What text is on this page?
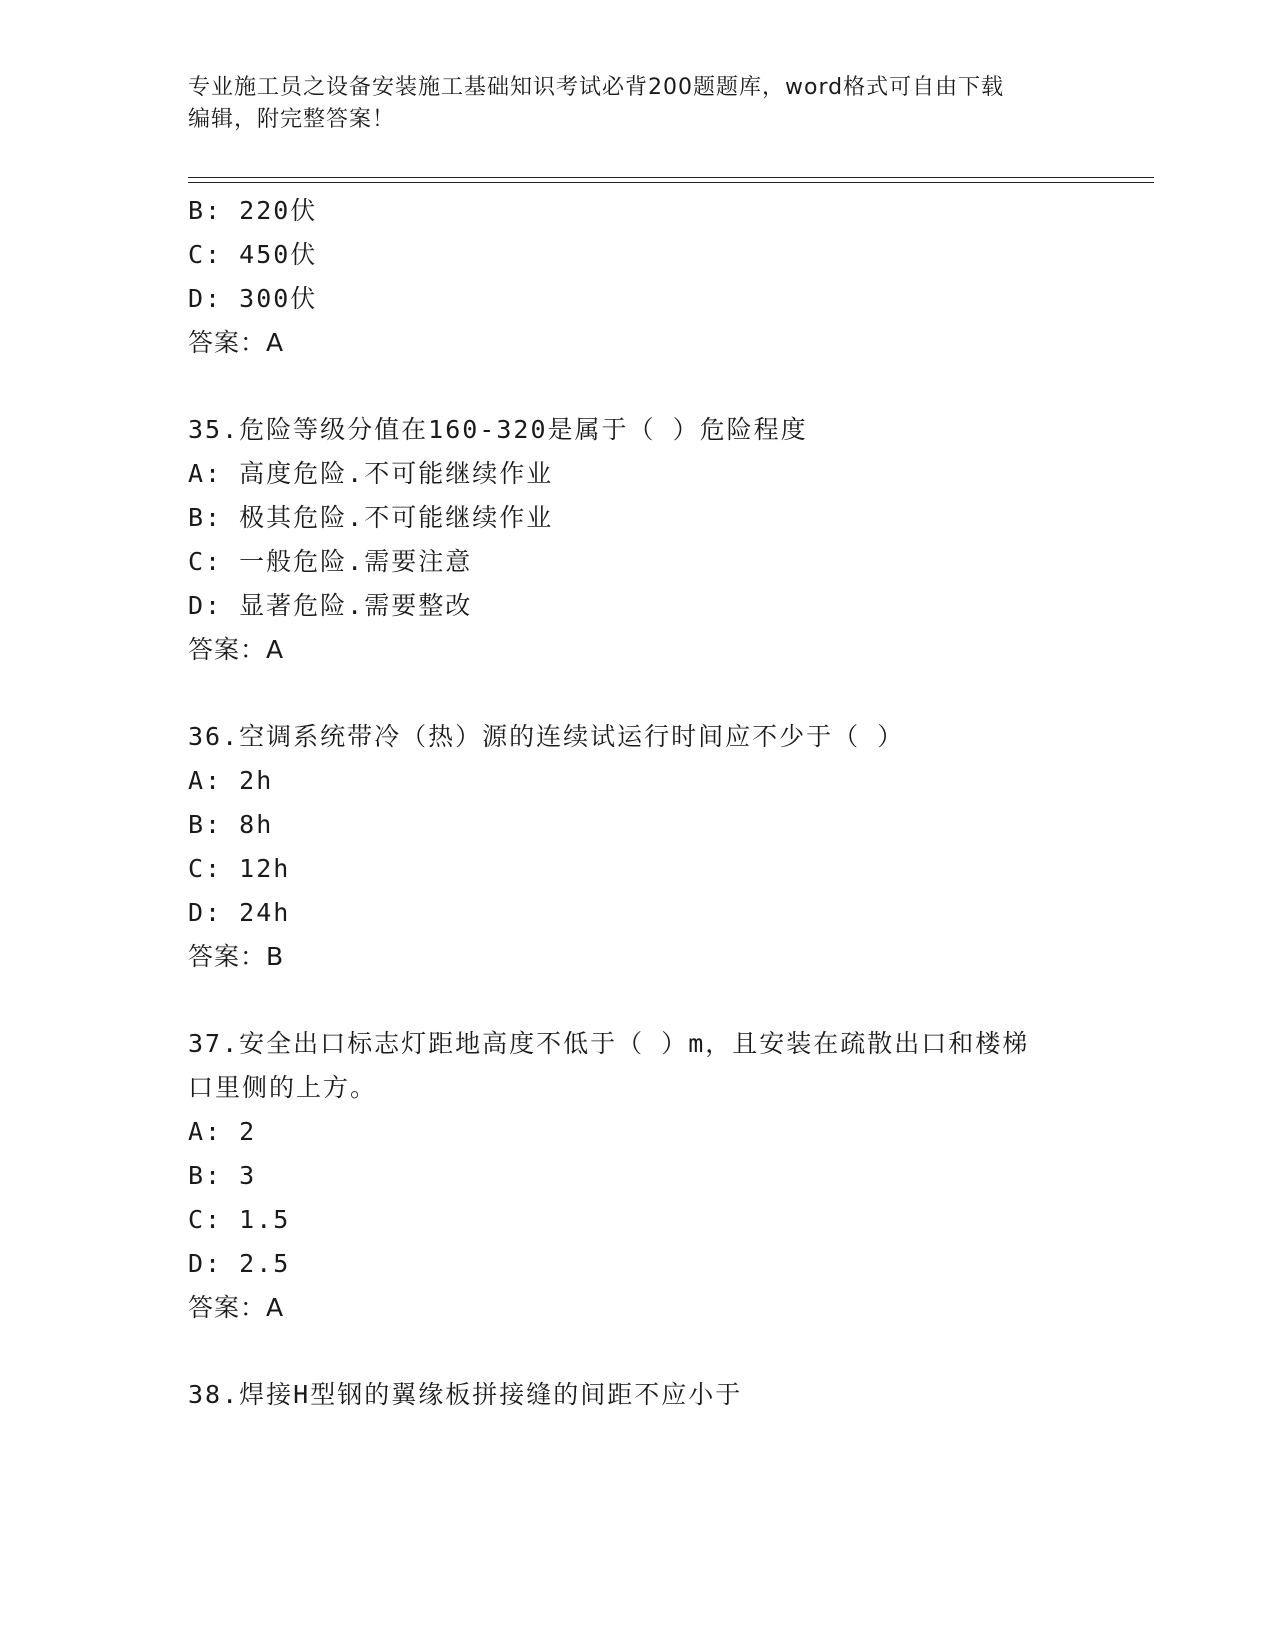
专业施工员之设备安装施工基础知识考试必背200题题库，word格式可自由下载
编辑，附完整答案！
B: 220伏
C: 450伏
D: 300伏
答案：A
35.危险等级分值在160-320是属于（ ）危险程度
A: 高度危险.不可能继续作业
B: 极其危险.不可能继续作业
C: 一般危险.需要注意
D: 显著危险.需要整改
答案：A
36.空调系统带冷（热）源的连续试运行时间应不少于（ ）
A: 2h
B: 8h
C: 12h
D: 24h
答案：B
37.安全出口标志灯距地高度不低于（ ）m，且安装在疏散出口和楼梯
口里侧的上方。
A: 2
B: 3
C: 1.5
D: 2.5
答案：A
38.焊接H型钢的翼缘板拼接缝的间距不应小于
